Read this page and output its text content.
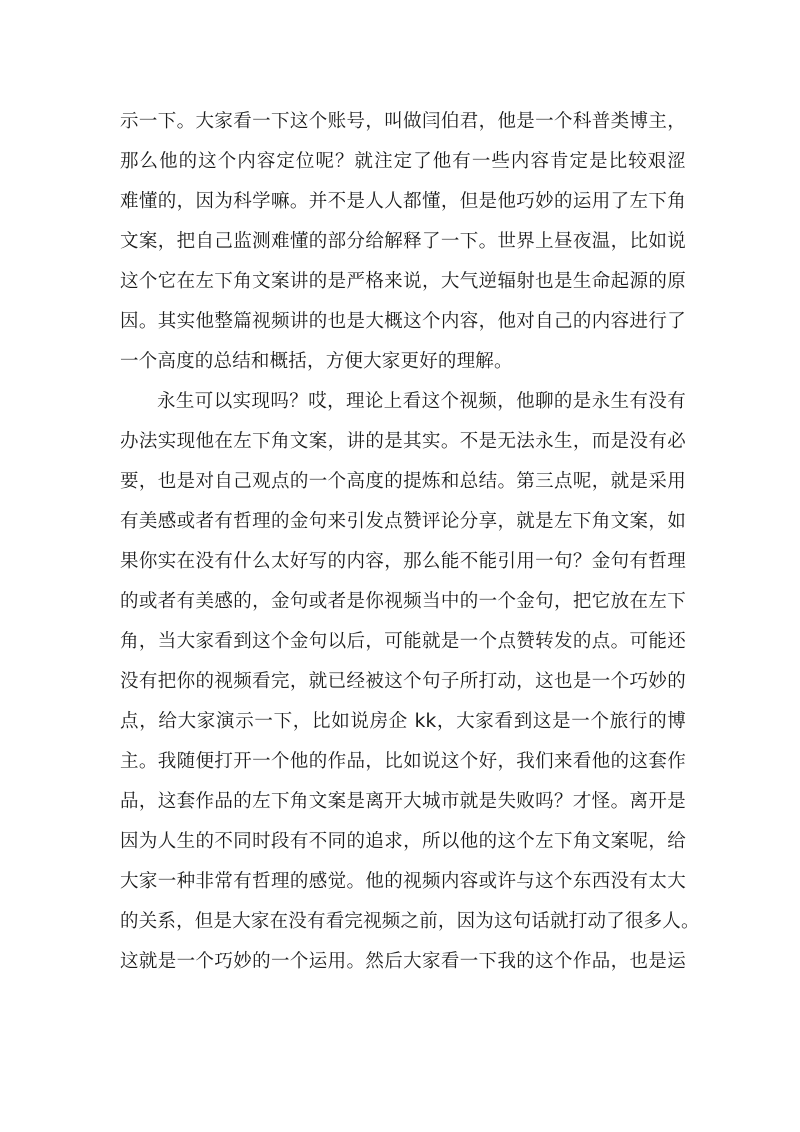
示一下。大家看一下这个账号，叫做闫伯君，他是一个科普类博主，
那么他的这个内容定位呢？就注定了他有一些内容肯定是比较艰涩
难懂的，因为科学嘛。并不是人人都懂，但是他巧妙的运用了左下角
文案，把自己监测难懂的部分给解释了一下。世界上昼夜温，比如说
这个它在左下角文案讲的是严格来说，大气逆辐射也是生命起源的原
因。其实他整篇视频讲的也是大概这个内容，他对自己的内容进行了
一个高度的总结和概括，方便大家更好的理解。
永生可以实现吗？哎，理论上看这个视频，他聊的是永生有没有
办法实现他在左下角文案，讲的是其实。不是无法永生，而是没有必
要，也是对自己观点的一个高度的提炼和总结。第三点呢，就是采用
有美感或者有哲理的金句来引发点赞评论分享，就是左下角文案，如
果你实在没有什么太好写的内容，那么能不能引用一句？金句有哲理
的或者有美感的，金句或者是你视频当中的一个金句，把它放在左下
角，当大家看到这个金句以后，可能就是一个点赞转发的点。可能还
没有把你的视频看完，就已经被这个句子所打动，这也是一个巧妙的
点，给大家演示一下，比如说房企 kk，大家看到这是一个旅行的博
主。我随便打开一个他的作品，比如说这个好，我们来看他的这套作
品，这套作品的左下角文案是离开大城市就是失败吗？才怪。离开是
因为人生的不同时段有不同的追求，所以他的这个左下角文案呢，给
大家一种非常有哲理的感觉。他的视频内容或许与这个东西没有太大
的关系，但是大家在没有看完视频之前，因为这句话就打动了很多人。
这就是一个巧妙的一个运用。然后大家看一下我的这个作品，也是运
